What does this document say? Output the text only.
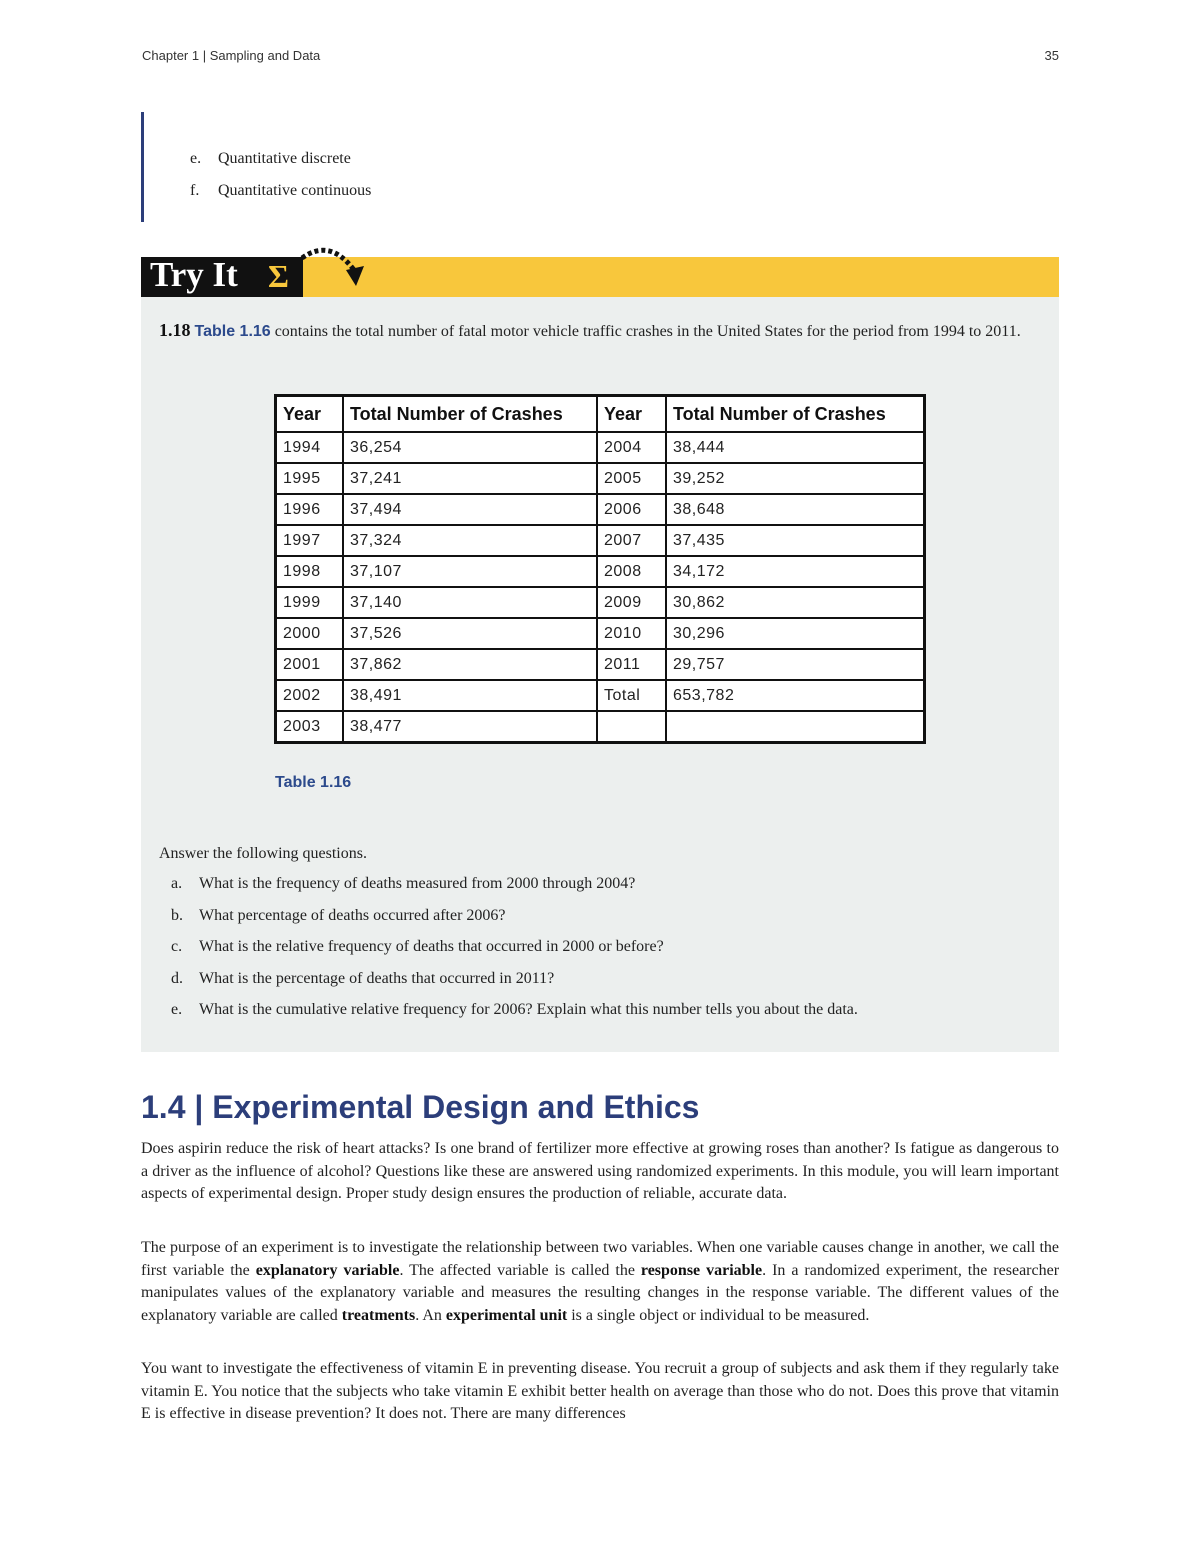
Chapter 1 | Sampling and Data	35
e.	Quantitative discrete
f.	Quantitative continuous
Try It Σ
1.18 Table 1.16 contains the total number of fatal motor vehicle traffic crashes in the United States for the period from 1994 to 2011.
Year	Total Number of Crashes	Year	Total Number of Crashes
1994	36,254	2004	38,444
1995	37,241	2005	39,252
1996	37,494	2006	38,648
1997	37,324	2007	37,435
1998	37,107	2008	34,172
1999	37,140	2009	30,862
2000	37,526	2010	30,296
2001	37,862	2011	29,757
2002	38,491	Total	653,782
2003	38,477		
Table 1.16
Answer the following questions.
a.	What is the frequency of deaths measured from 2000 through 2004?
b.	What percentage of deaths occurred after 2006?
c.	What is the relative frequency of deaths that occurred in 2000 or before?
d.	What is the percentage of deaths that occurred in 2011?
e.	What is the cumulative relative frequency for 2006? Explain what this number tells you about the data.
1.4 | Experimental Design and Ethics
Does aspirin reduce the risk of heart attacks? Is one brand of fertilizer more effective at growing roses than another? Is fatigue as dangerous to a driver as the influence of alcohol? Questions like these are answered using randomized experiments. In this module, you will learn important aspects of experimental design. Proper study design ensures the production of reliable, accurate data.
The purpose of an experiment is to investigate the relationship between two variables. When one variable causes change in another, we call the first variable the explanatory variable. The affected variable is called the response variable. In a randomized experiment, the researcher manipulates values of the explanatory variable and measures the resulting changes in the response variable. The different values of the explanatory variable are called treatments. An experimental unit is a single object or individual to be measured.
You want to investigate the effectiveness of vitamin E in preventing disease. You recruit a group of subjects and ask them if they regularly take vitamin E. You notice that the subjects who take vitamin E exhibit better health on average than those who do not. Does this prove that vitamin E is effective in disease prevention? It does not. There are many differences
